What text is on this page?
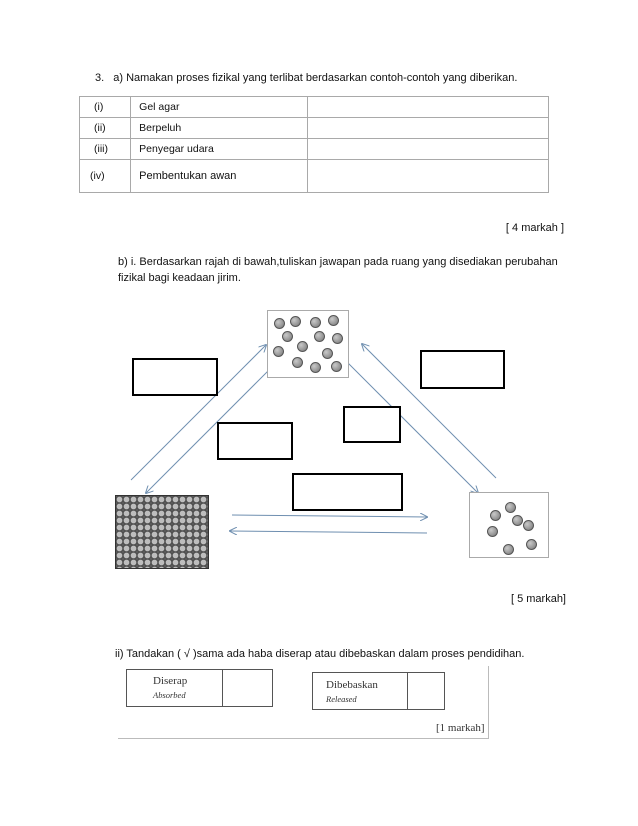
3. a) Namakan proses fizikal yang terlibat berdasarkan contoh-contoh yang diberikan.
(i)	Gel agar	
(ii)	Berpeluh	
(iii)	Penyegar udara	
(iv)	Pembentukan awan	
[ 4 markah ]
b) i. Berdasarkan rajah di bawah,tuliskan jawapan pada ruang yang disediakan perubahan fizikal bagi keadaan jirim.
[ 5 markah]
ii) Tandakan ( √ )sama ada haba diserap atau dibebaskan dalam proses pendidihan.
Diserap
Absorbed
Dibebaskan
Released
[1 markah]
